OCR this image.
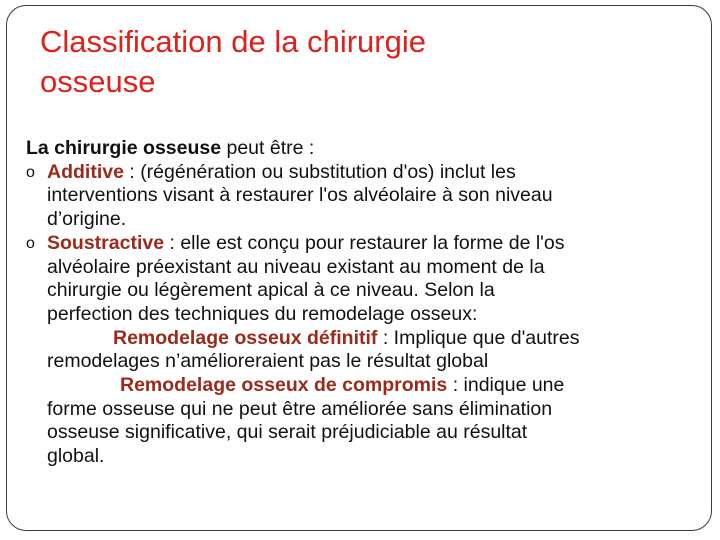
Classification de la chirurgie
osseuse

La chirurgie osseuse peut être :

o Additive : (régénération ou substitution d'os) inclut les
interventions visant à restaurer l'os alvéolaire à son niveau
d’origine.
o Soustractive : elle est conçu pour restaurer la forme de l'os
alvéolaire préexistant au niveau existant au moment de la
chirurgie ou légèrement apical à ce niveau. Selon la
perfection des techniques du remodelage osseux:
Remodelage osseux définitif : Implique que d'autres
remodelages n’amélioreraient pas le résultat global
Remodelage osseux de compromis : indique une
forme osseuse qui ne peut être améliorée sans élimination
osseuse significative, qui serait préjudiciable au résultat
global.
